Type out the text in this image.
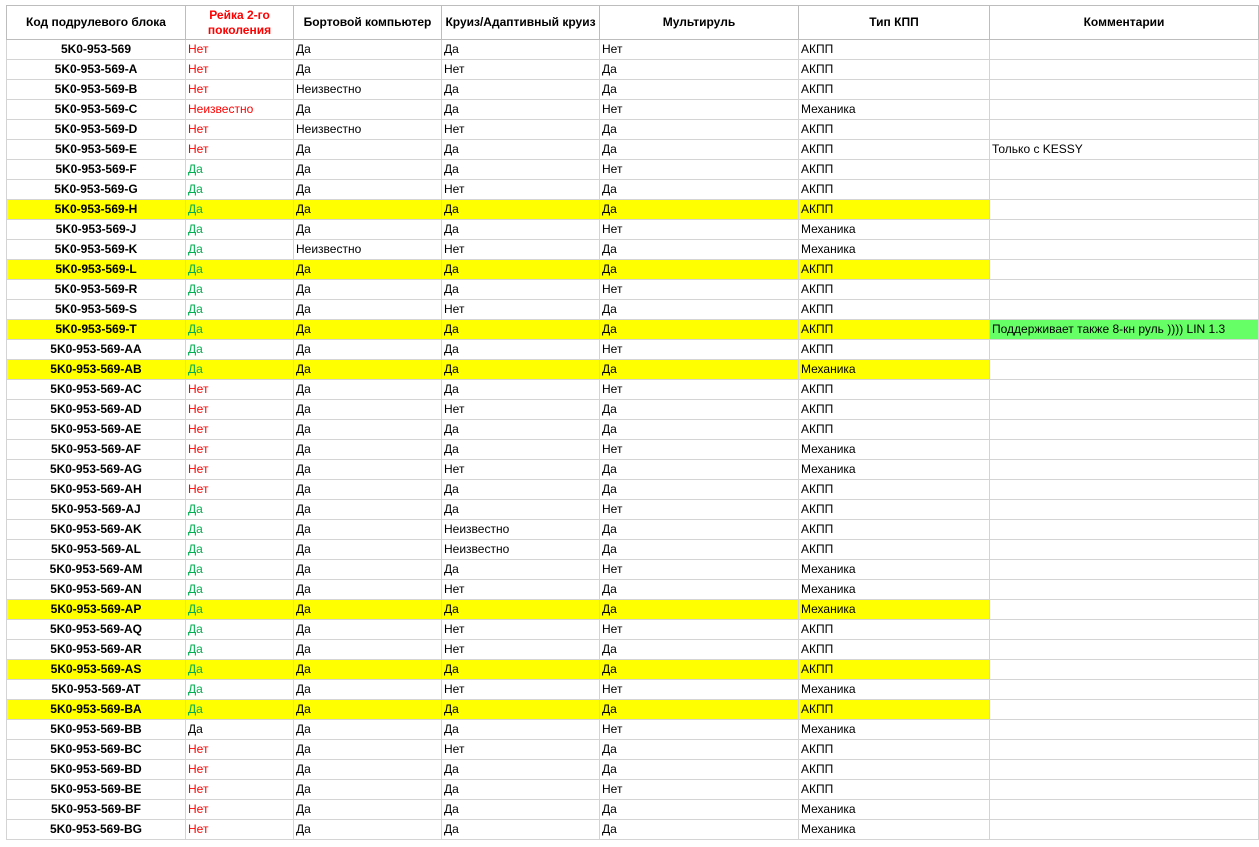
Код подрулевого блока	Рейка 2-го поколения	Бортовой компьютер	Круиз/Адаптивный круиз	Мультируль	Тип КПП	Комментарии
5K0-953-569	Нет	Да	Да	Нет	АКПП	
5K0-953-569-A	Нет	Да	Нет	Да	АКПП	
5K0-953-569-B	Нет	Неизвестно	Да	Да	АКПП	
5K0-953-569-C	Неизвестно	Да	Да	Нет	Механика	
5K0-953-569-D	Нет	Неизвестно	Нет	Да	АКПП	
5K0-953-569-E	Нет	Да	Да	Да	АКПП	Только с KESSY
5K0-953-569-F	Да	Да	Да	Нет	АКПП	
5K0-953-569-G	Да	Да	Нет	Да	АКПП	
5K0-953-569-H	Да	Да	Да	Да	АКПП	
5K0-953-569-J	Да	Да	Да	Нет	Механика	
5K0-953-569-K	Да	Неизвестно	Нет	Да	Механика	
5K0-953-569-L	Да	Да	Да	Да	АКПП	
5K0-953-569-R	Да	Да	Да	Нет	АКПП	
5K0-953-569-S	Да	Да	Нет	Да	АКПП	
5K0-953-569-T	Да	Да	Да	Да	АКПП	Поддерживает также 8-кн руль )))) LIN 1.3
5K0-953-569-AA	Да	Да	Да	Нет	АКПП	
5K0-953-569-AB	Да	Да	Да	Да	Механика	
5K0-953-569-AC	Нет	Да	Да	Нет	АКПП	
5K0-953-569-AD	Нет	Да	Нет	Да	АКПП	
5K0-953-569-AE	Нет	Да	Да	Да	АКПП	
5K0-953-569-AF	Нет	Да	Да	Нет	Механика	
5K0-953-569-AG	Нет	Да	Нет	Да	Механика	
5K0-953-569-AH	Нет	Да	Да	Да	АКПП	
5K0-953-569-AJ	Да	Да	Да	Нет	АКПП	
5K0-953-569-AK	Да	Да	Неизвестно	Да	АКПП	
5K0-953-569-AL	Да	Да	Неизвестно	Да	АКПП	
5K0-953-569-AM	Да	Да	Да	Нет	Механика	
5K0-953-569-AN	Да	Да	Нет	Да	Механика	
5K0-953-569-AP	Да	Да	Да	Да	Механика	
5K0-953-569-AQ	Да	Да	Нет	Нет	АКПП	
5K0-953-569-AR	Да	Да	Нет	Да	АКПП	
5K0-953-569-AS	Да	Да	Да	Да	АКПП	
5K0-953-569-AT	Да	Да	Нет	Нет	Механика	
5K0-953-569-BA	Да	Да	Да	Да	АКПП	
5K0-953-569-BB	Да	Да	Да	Нет	Механика	
5K0-953-569-BC	Нет	Да	Нет	Да	АКПП	
5K0-953-569-BD	Нет	Да	Да	Да	АКПП	
5K0-953-569-BE	Нет	Да	Да	Нет	АКПП	
5K0-953-569-BF	Нет	Да	Да	Да	Механика	
5K0-953-569-BG	Нет	Да	Да	Да	Механика	
